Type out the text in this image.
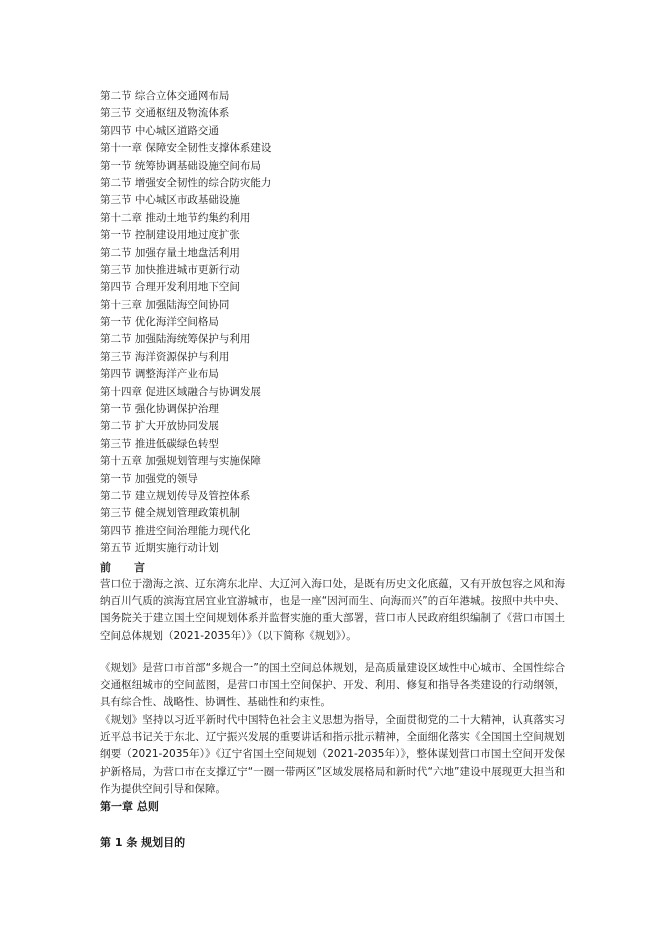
第二节 综合立体交通网布局
第三节 交通枢纽及物流体系
第四节 中心城区道路交通
第十一章 保障安全韧性支撑体系建设
第一节 统筹协调基础设施空间布局
第二节 增强安全韧性的综合防灾能力
第三节 中心城区市政基础设施
第十二章 推动土地节约集约利用
第一节 控制建设用地过度扩张
第二节 加强存量土地盘活利用
第三节 加快推进城市更新行动
第四节 合理开发利用地下空间
第十三章 加强陆海空间协同
第一节 优化海洋空间格局
第二节 加强陆海统筹保护与利用
第三节 海洋资源保护与利用
第四节 调整海洋产业布局
第十四章 促进区域融合与协调发展
第一节 强化协调保护治理
第二节 扩大开放协同发展
第三节 推进低碳绿色转型
第十五章 加强规划管理与实施保障
第一节 加强党的领导
第二节 建立规划传导及管控体系
第三节 健全规划管理政策机制
第四节 推进空间治理能力现代化
第五节 近期实施行动计划
前　言

营口位于渤海之滨、辽东湾东北岸、大辽河入海口处，是既有历史文化底蕴，又有开放包容之风和海纳百川气质的滨海宜居宜业宜游城市，也是一座“因河而生、向海而兴”的百年港城。按照中共中央、国务院关于建立国土空间规划体系并监督实施的重大部署，营口市人民政府组织编制了《营口市国土空间总体规划（2021-2035年）》（以下简称《规划》）。

《规划》是营口市首部“多规合一”的国土空间总体规划，是高质量建设区域性中心城市、全国性综合交通枢纽城市的空间蓝图，是营口市国土空间保护、开发、利用、修复和指导各类建设的行动纲领，具有综合性、战略性、协调性、基础性和约束性。

《规划》坚持以习近平新时代中国特色社会主义思想为指导，全面贯彻党的二十大精神，认真落实习近平总书记关于东北、辽宁振兴发展的重要讲话和指示批示精神，全面细化落实《全国国土空间规划纲要（2021-2035年）》《辽宁省国土空间规划（2021-2035年）》，整体谋划营口市国土空间开发保护新格局，为营口市在支撑辽宁“一圈一带两区”区域发展格局和新时代“六地”建设中展现更大担当和作为提供空间引导和保障。

第一章 总则
第 1 条 规划目的
